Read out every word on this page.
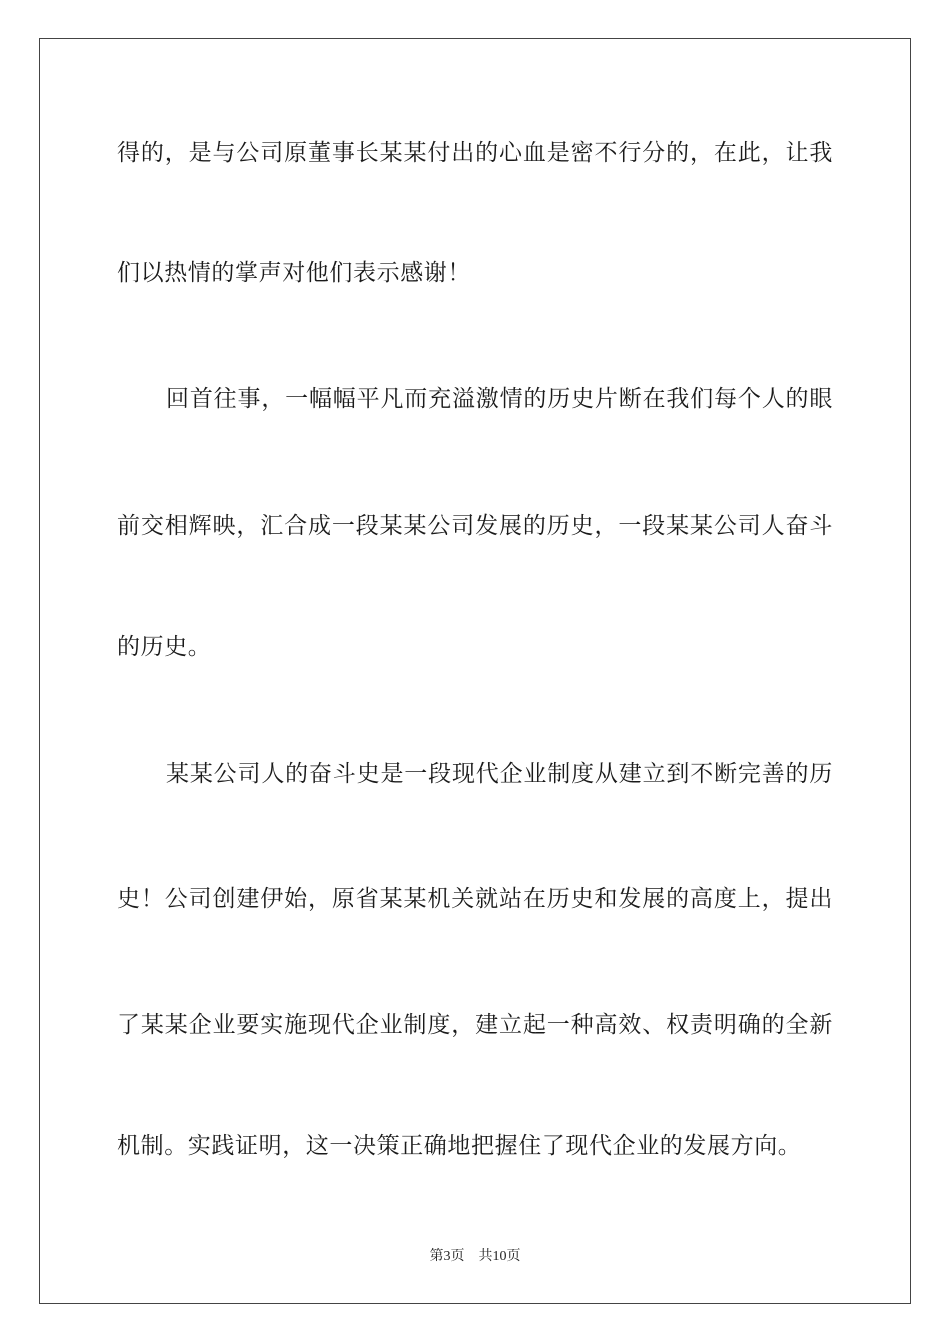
得的，是与公司原董事长某某付出的心血是密不行分的，在此，让我
们以热情的掌声对他们表示感谢！
回首往事，一幅幅平凡而充溢激情的历史片断在我们每个人的眼
前交相辉映，汇合成一段某某公司发展的历史，一段某某公司人奋斗
的历史。
某某公司人的奋斗史是一段现代企业制度从建立到不断完善的历
史！公司创建伊始，原省某某机关就站在历史和发展的高度上，提出
了某某企业要实施现代企业制度，建立起一种高效、权责明确的全新
机制。实践证明，这一决策正确地把握住了现代企业的发展方向。
第3页 共10页
